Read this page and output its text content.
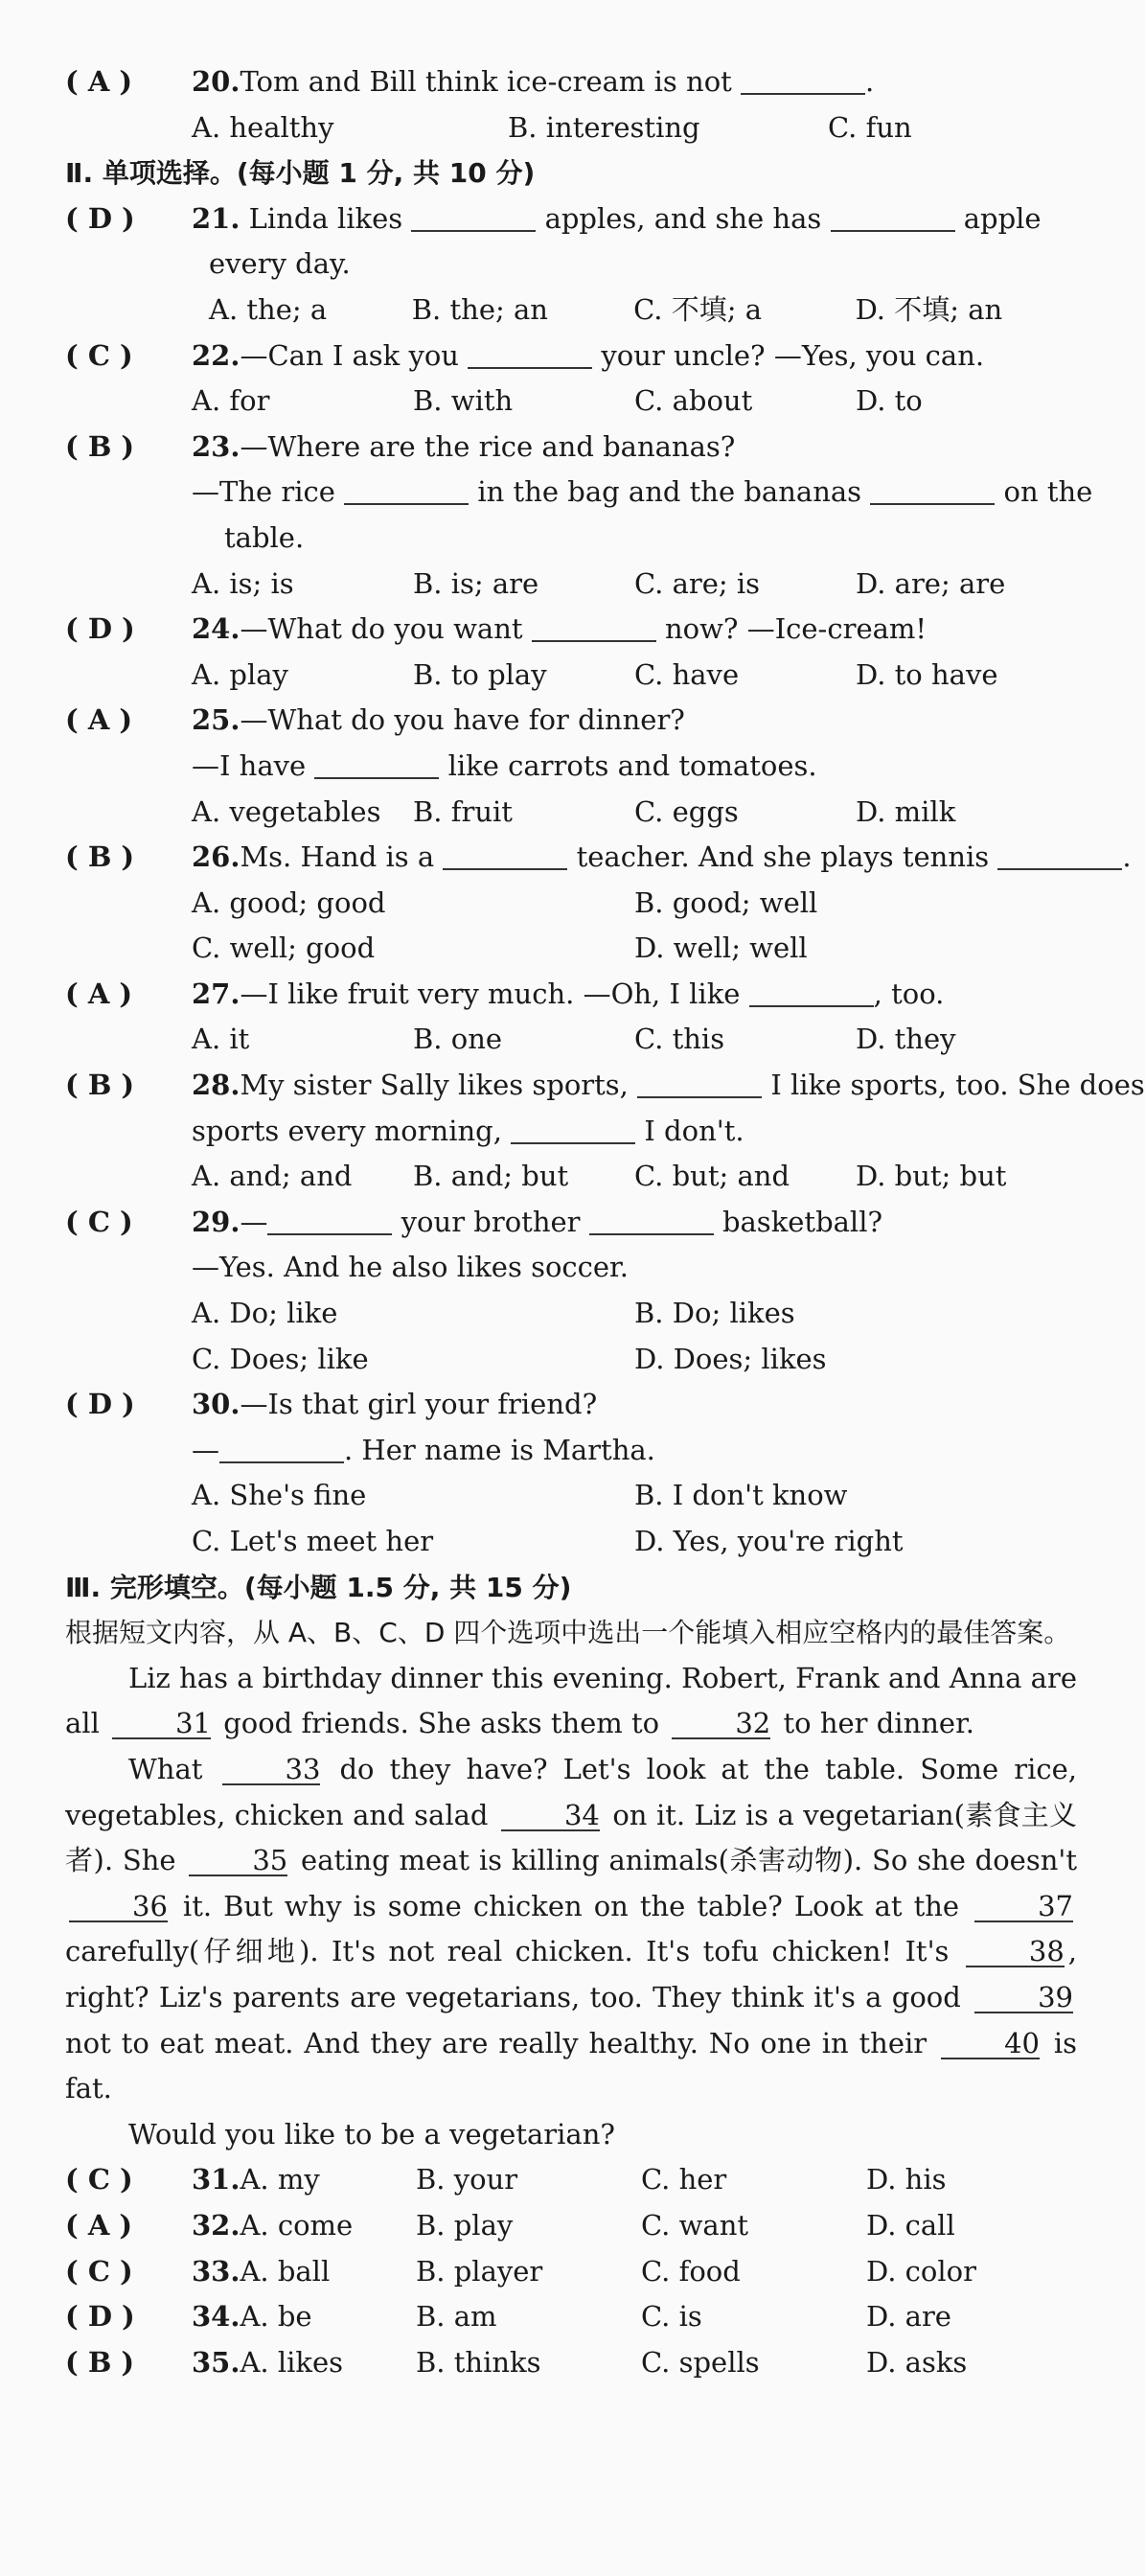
( A ) 20.Tom and Bill think ice-cream is not	.
A. healthy	B. interesting	C. fun
Ⅱ. 单项选择。(每小题 1 分, 共 10 分)
( D ) 21. Linda likes	apples, and she has	apple
every day.
A. the; a	B. the; an	C. 不填; a	D. 不填; an
( C ) 22.—Can I ask you	your uncle? —Yes, you can.
A. for	B. with	C. about	D. to
( B ) 23.—Where are the rice and bananas?
—The rice	in the bag and the bananas	on the
table.
A. is; is	B. is; are	C. are; is	D. are; are
( D ) 24.—What do you want	now? —Ice-cream!
A. play	B. to play	C. have	D. to have
( A ) 25.—What do you have for dinner?
—I have	like carrots and tomatoes.
A. vegetables	B. fruit	C. eggs	D. milk
( B ) 26.Ms. Hand is a	teacher. And she plays tennis	.
A. good; good	B. good; well
C. well; good	D. well; well
( A ) 27.—I like fruit very much. —Oh, I like	, too.
A. it	B. one	C. this	D. they
( B ) 28.My sister Sally likes sports,	I like sports, too. She does
sports every morning,	I don't.
A. and; and	B. and; but	C. but; and	D. but; but
( C ) 29.—	your brother	basketball?
—Yes. And he also likes soccer.
A. Do; like	B. Do; likes
C. Does; like	D. Does; likes
( D ) 30.—Is that girl your friend?
—	. Her name is Martha.
A. She's fine	B. I don't know
C. Let's meet her	D. Yes, you're right
Ⅲ. 完形填空。(每小题 1.5 分, 共 15 分)
根据短文内容，从 A、B、C、D 四个选项中选出一个能填入相应空格内的最佳答案。
Liz has a birthday dinner this evening. Robert, Frank and Anna are all	31 good friends. She asks them to	32 to her dinner.
What	33 do they have? Let's look at the table. Some rice, vegetables, chicken and salad	34 on it. Liz is a vegetarian(素食主义者). She	35 eating meat is killing animals(杀害动物). So she doesn't 36 it. But why is some chicken on the table? Look at the	37 carefully(仔细地). It's not real chicken. It's tofu chicken! It's	38 , right? Liz's parents are vegetarians, too. They think it's a good	39 not to eat meat. And they are really healthy. No one in their	40 is fat.
Would you like to be a vegetarian?
( C ) 31.A. my	B. your	C. her	D. his
( A ) 32.A. come	B. play	C. want	D. call
( C ) 33.A. ball	B. player	C. food	D. color
( D ) 34.A. be	B. am	C. is	D. are
( B ) 35.A. likes	B. thinks	C. spells	D. asks
